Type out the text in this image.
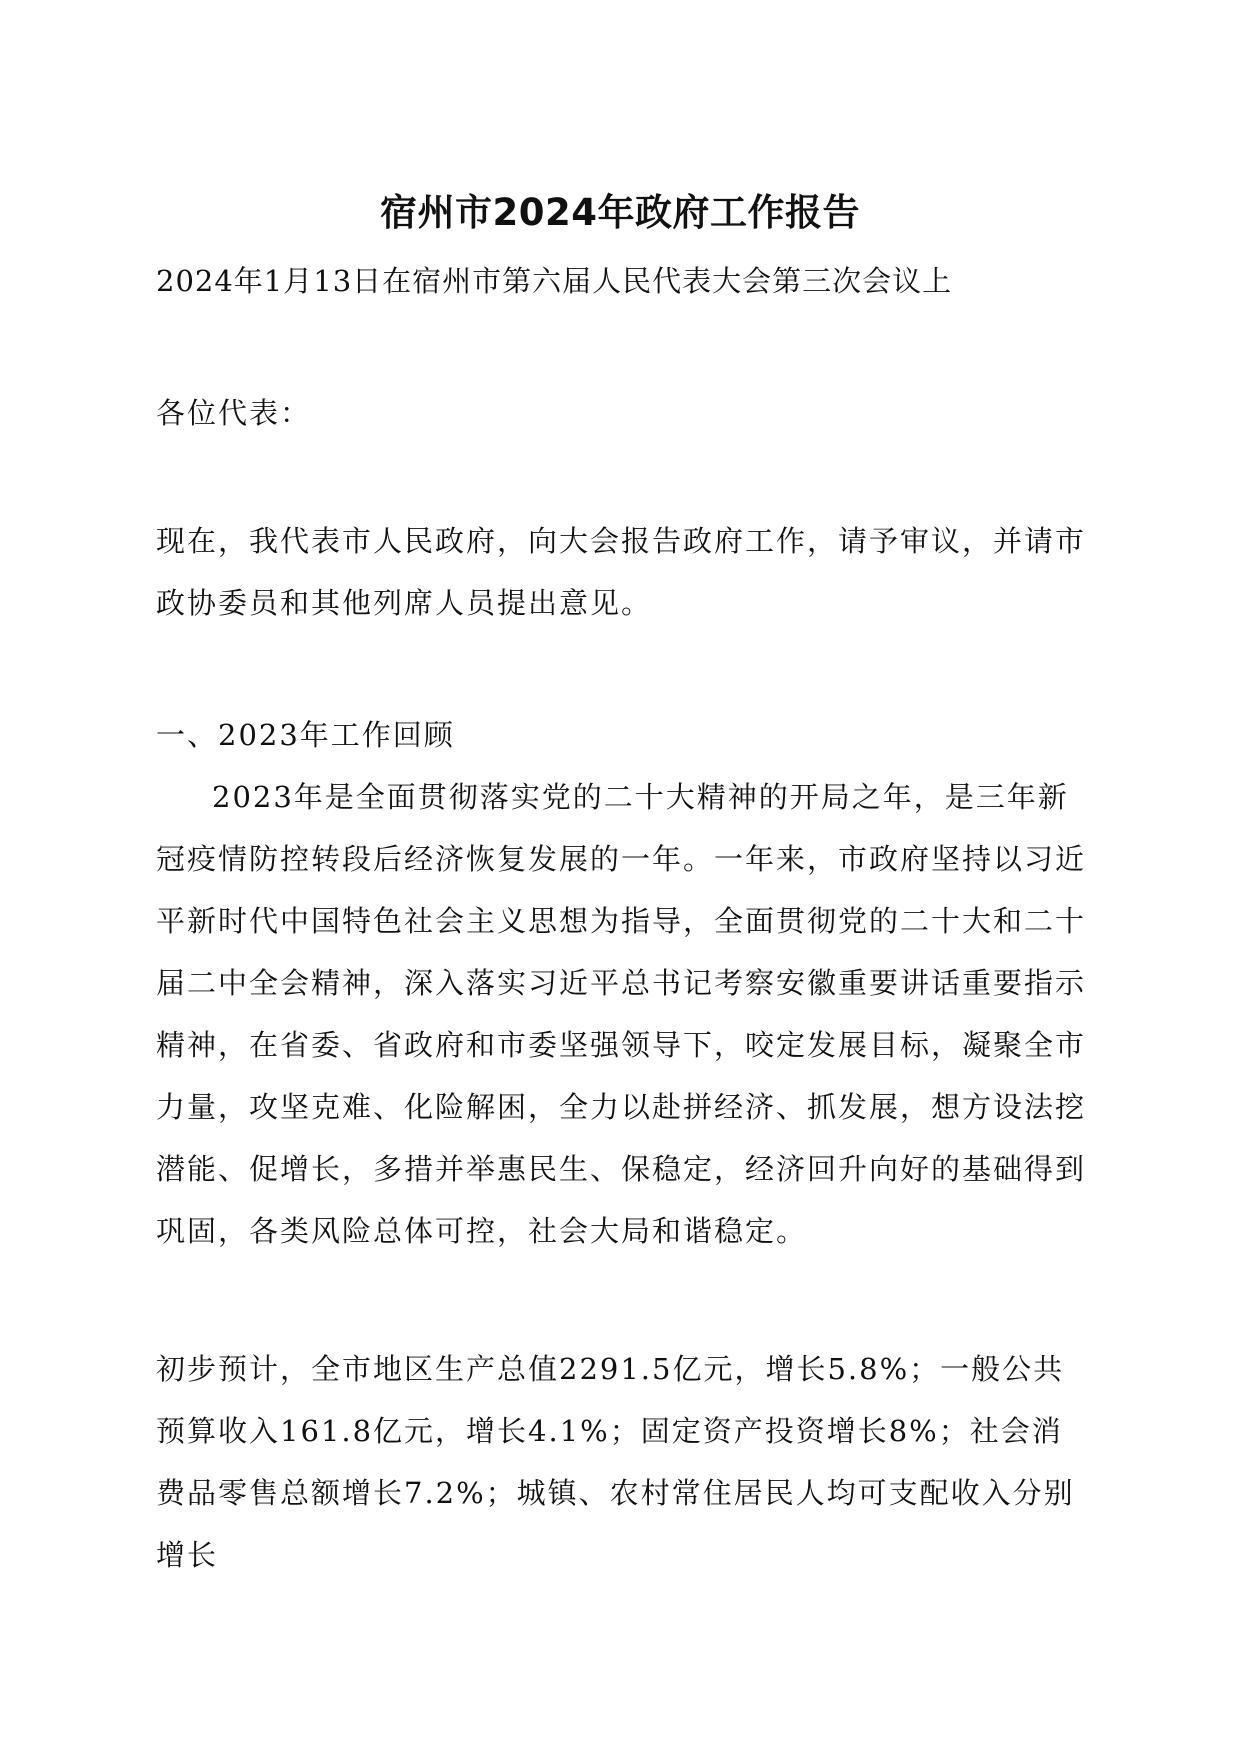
宿州市2024年政府工作报告

2024年1月13日在宿州市第六届人民代表大会第三次会议上

各位代表：

现在，我代表市人民政府，向大会报告政府工作，请予审议，并请市政协委员和其他列席人员提出意见。

一、2023年工作回顾

2023年是全面贯彻落实党的二十大精神的开局之年，是三年新冠疫情防控转段后经济恢复发展的一年。一年来，市政府坚持以习近平新时代中国特色社会主义思想为指导，全面贯彻党的二十大和二十届二中全会精神，深入落实习近平总书记考察安徽重要讲话重要指示精神，在省委、省政府和市委坚强领导下，咬定发展目标，凝聚全市力量，攻坚克难、化险解困，全力以赴拼经济、抓发展，想方设法挖潜能、促增长，多措并举惠民生、保稳定，经济回升向好的基础得到巩固，各类风险总体可控，社会大局和谐稳定。

初步预计，全市地区生产总值2291.5亿元，增长5.8%；一般公共预算收入161.8亿元，增长4.1%；固定资产投资增长8%；社会消费品零售总额增长7.2%；城镇、农村常住居民人均可支配收入分别增长
